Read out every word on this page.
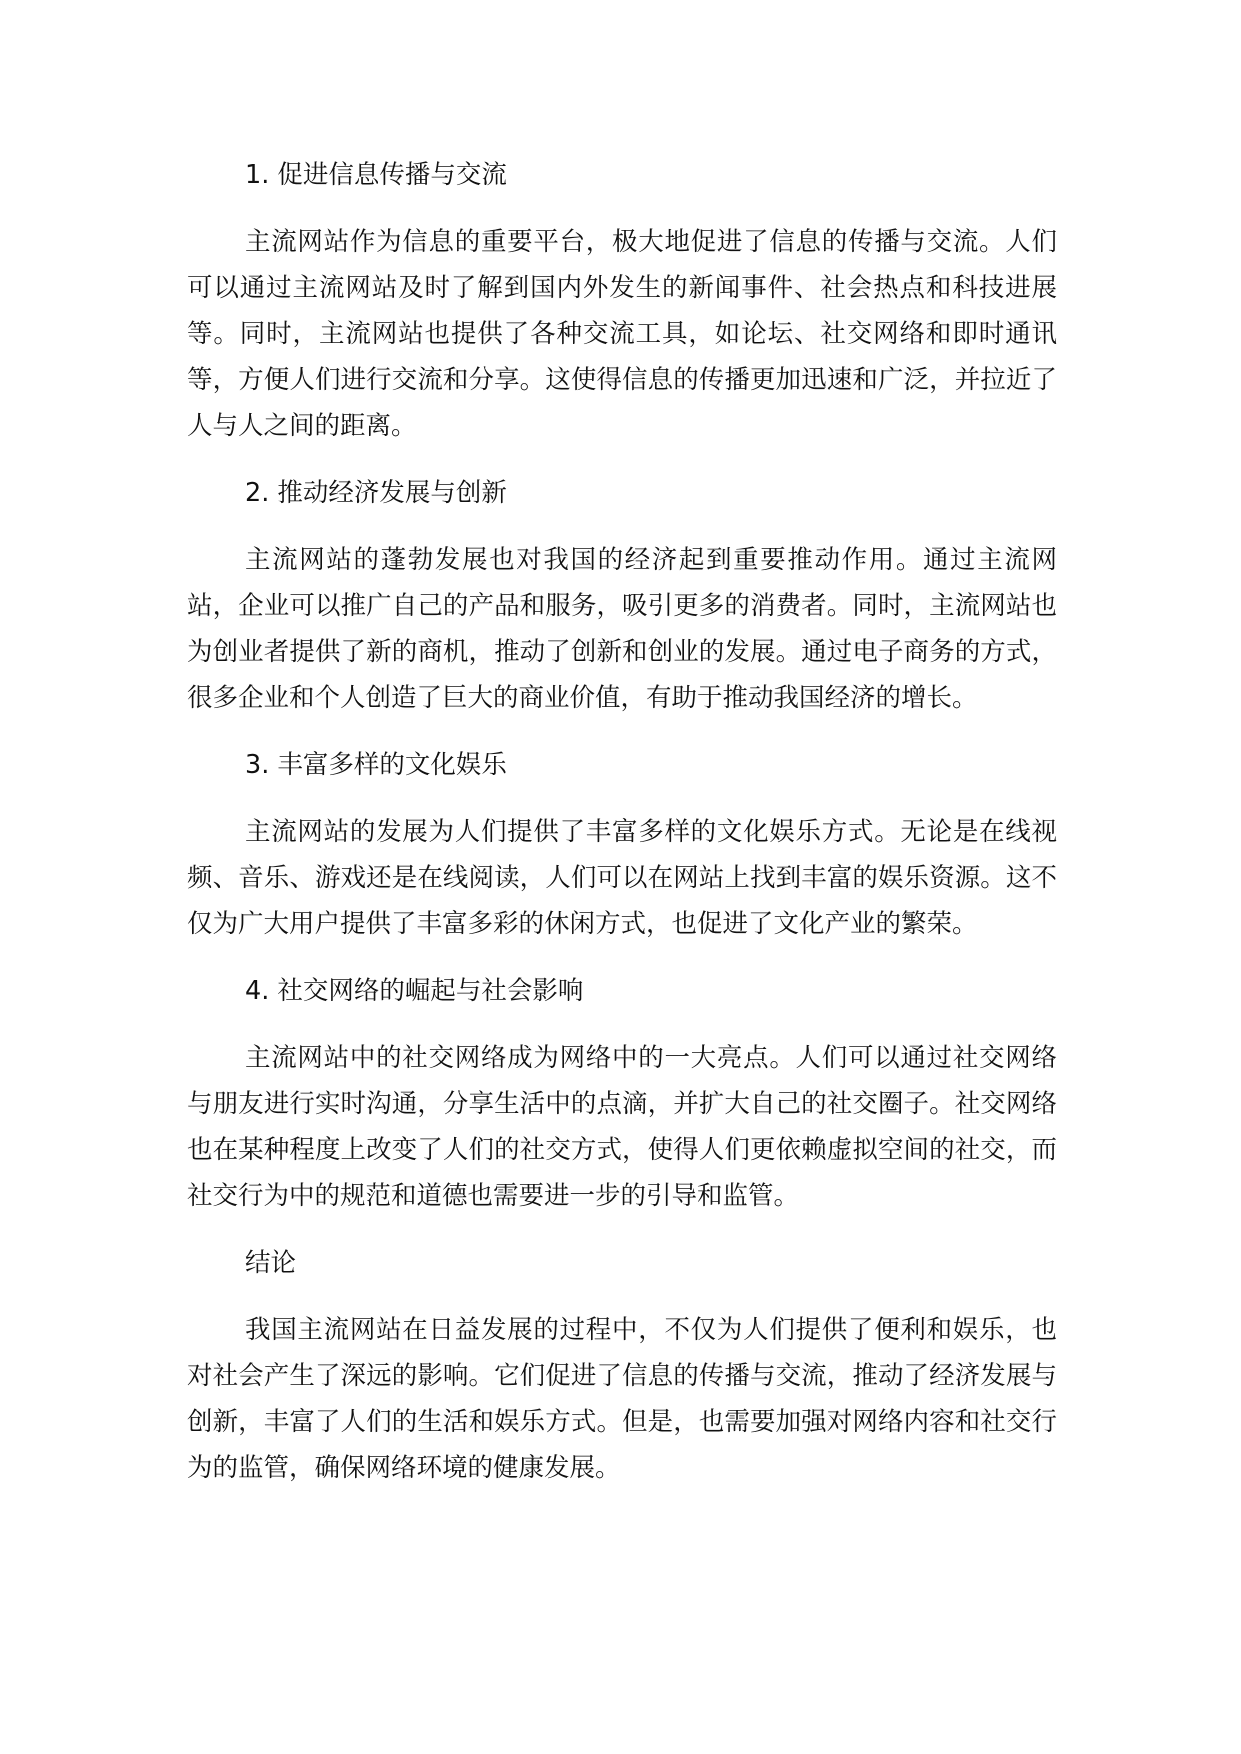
1. 促进信息传播与交流

主流网站作为信息的重要平台，极大地促进了信息的传播与交流。人们可以通过主流网站及时了解到国内外发生的新闻事件、社会热点和科技进展等。同时，主流网站也提供了各种交流工具，如论坛、社交网络和即时通讯等，方便人们进行交流和分享。这使得信息的传播更加迅速和广泛，并拉近了人与人之间的距离。

2. 推动经济发展与创新

主流网站的蓬勃发展也对我国的经济起到重要推动作用。通过主流网站，企业可以推广自己的产品和服务，吸引更多的消费者。同时，主流网站也为创业者提供了新的商机，推动了创新和创业的发展。通过电子商务的方式，很多企业和个人创造了巨大的商业价值，有助于推动我国经济的增长。

3. 丰富多样的文化娱乐

主流网站的发展为人们提供了丰富多样的文化娱乐方式。无论是在线视频、音乐、游戏还是在线阅读，人们可以在网站上找到丰富的娱乐资源。这不仅为广大用户提供了丰富多彩的休闲方式，也促进了文化产业的繁荣。

4. 社交网络的崛起与社会影响

主流网站中的社交网络成为网络中的一大亮点。人们可以通过社交网络与朋友进行实时沟通，分享生活中的点滴，并扩大自己的社交圈子。社交网络也在某种程度上改变了人们的社交方式，使得人们更依赖虚拟空间的社交，而社交行为中的规范和道德也需要进一步的引导和监管。

结论

我国主流网站在日益发展的过程中，不仅为人们提供了便利和娱乐，也对社会产生了深远的影响。它们促进了信息的传播与交流，推动了经济发展与创新，丰富了人们的生活和娱乐方式。但是，也需要加强对网络内容和社交行为的监管，确保网络环境的健康发展。
